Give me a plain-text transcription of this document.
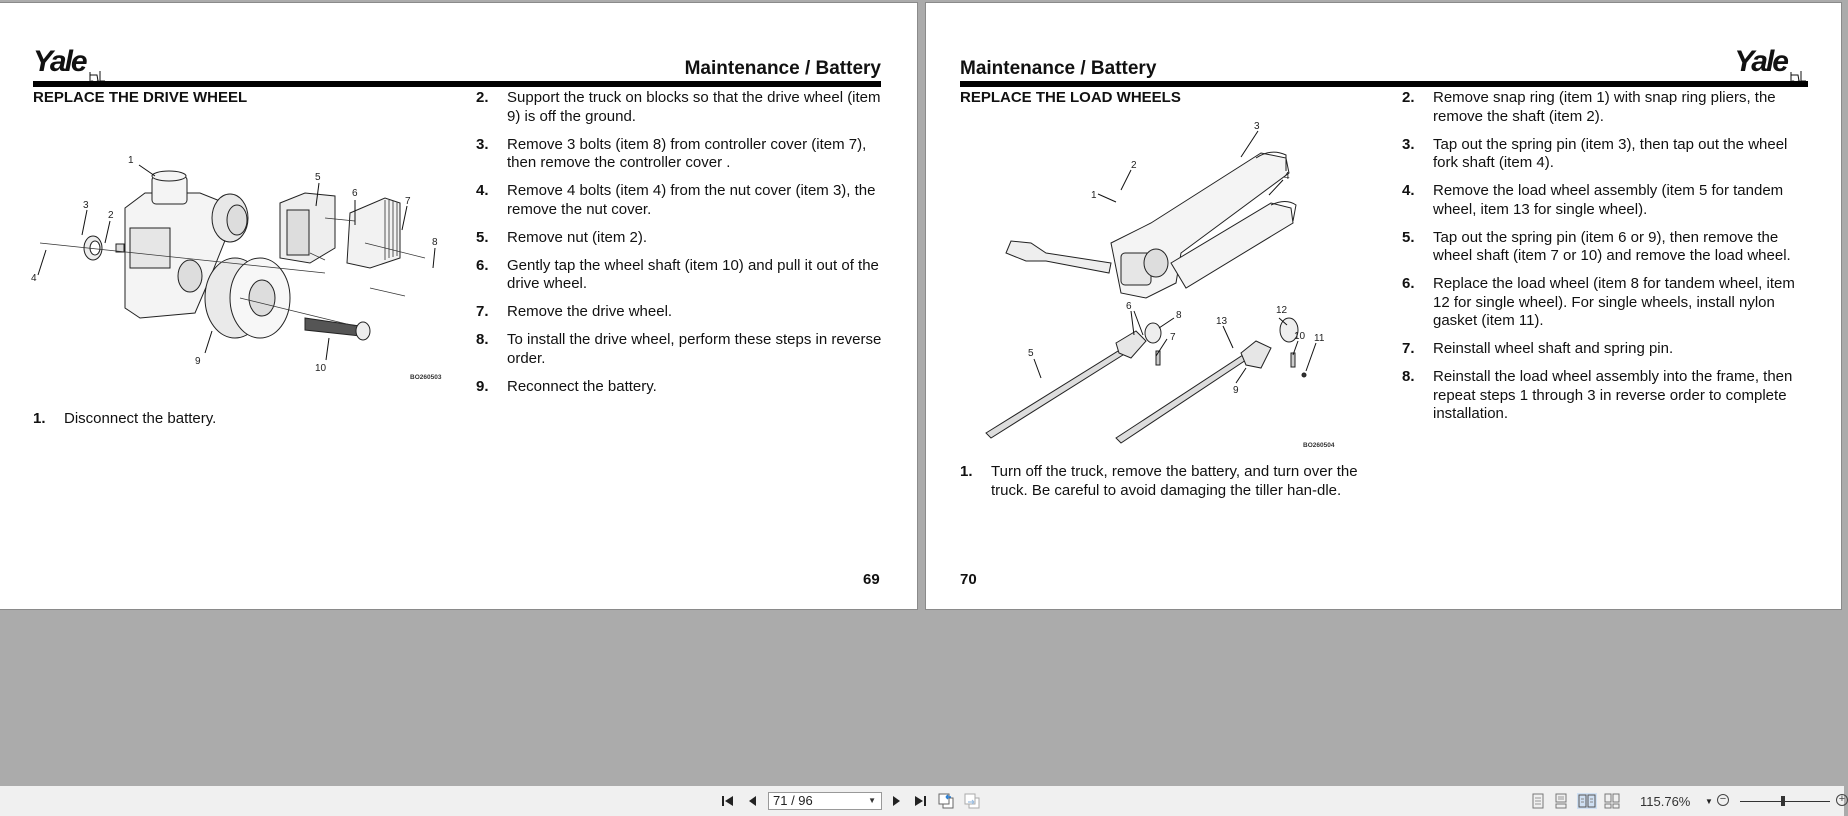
Yale	Maintenance / Battery
REPLACE THE DRIVE WHEEL
1
2
3
4
5
6
7
8
9
10
BO260503
1. Disconnect the battery.
2. Support the truck on blocks so that the drive wheel (item 9) is off the ground.
3. Remove 3 bolts (item 8) from controller cover (item 7), then remove the controller cover .
4. Remove 4 bolts (item 4) from the nut cover (item 3), the remove the nut cover.
5. Remove nut (item 2).
6. Gently tap the wheel shaft (item 10) and pull it out of the drive wheel.
7. Remove the drive wheel.
8. To install the drive wheel, perform these steps in reverse order.
9. Reconnect the battery.
69
Yale
Maintenance / Battery
REPLACE THE LOAD WHEELS
1
2
3
4
5
6
7
8
9
10 11
12
13
BO260504
1. Turn off the truck, remove the battery, and turn over the truck. Be careful to avoid damaging the tiller han-dle.
2. Remove snap ring (item 1) with snap ring pliers, the remove the shaft (item 2).
3. Tap out the spring pin (item 3), then tap out the wheel fork shaft (item 4).
4. Remove the load wheel assembly (item 5 for tandem wheel, item 13 for single wheel).
5. Tap out the spring pin (item 6 or 9), then remove the wheel shaft (item 7 or 10) and remove the load wheel.
6. Replace the load wheel (item 8 for tandem wheel, item 12 for single wheel). For single wheels, install nylon gasket (item 11).
7. Reinstall wheel shaft and spring pin.
8. Reinstall the load wheel assembly into the frame, then repeat steps 1 through 3 in reverse order to complete installation.
70
71 / 96	▼	115.76% ▼ −	+
